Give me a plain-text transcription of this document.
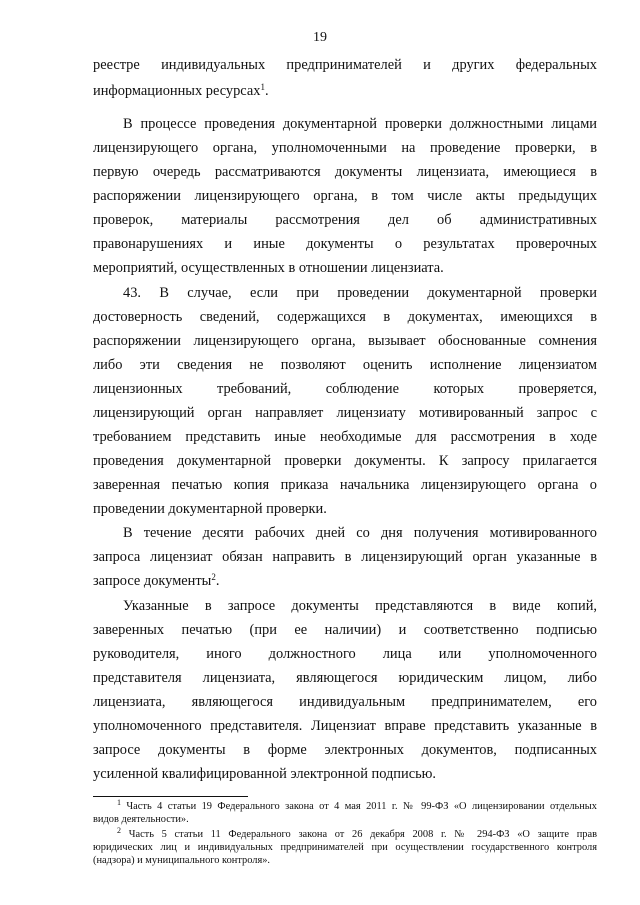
19
реестре индивидуальных предпринимателей и других федеральных
информационных ресурсах$^1$.
В процессе проведения документарной проверки должностными лицами
лицензирующего органа, уполномоченными на проведение проверки, в
первую очередь рассматриваются документы лицензиата, имеющиеся в
распоряжении лицензирующего органа, в том числе акты предыдущих
проверок, материалы рассмотрения дел об административных
правонарушениях и иные документы о результатах проверочных
мероприятий, осуществленных в отношении лицензиата.
43. В случае, если при проведении документарной проверки
достоверность сведений, содержащихся в документах, имеющихся в
распоряжении лицензирующего органа, вызывает обоснованные сомнения
либо эти сведения не позволяют оценить исполнение лицензиатом
лицензионных требований, соблюдение которых проверяется,
лицензирующий орган направляет лицензиату мотивированный запрос с
требованием представить иные необходимые для рассмотрения в ходе
проведения документарной проверки документы. К запросу прилагается
заверенная печатью копия приказа начальника лицензирующего органа о
проведении документарной проверки.
В течение десяти рабочих дней со дня получения мотивированного
запроса лицензиат обязан направить в лицензирующий орган указанные в
запросе документы$^2$.
Указанные в запросе документы представляются в виде копий,
заверенных печатью (при ее наличии) и соответственно подписью
руководителя, иного должностного лица или уполномоченного
представителя лицензиата, являющегося юридическим лицом, либо
лицензиата, являющегося индивидуальным предпринимателем, его
уполномоченного представителя. Лицензиат вправе представить указанные в
запросе документы в форме электронных документов, подписанных
усиленной квалифицированной электронной подписью.
$^1$ Часть 4 статьи 19 Федерального закона от 4 мая 2011 г. № 99-ФЗ «О лицензировании отдельных
видов деятельности».
$^2$ Часть 5 статьи 11 Федерального закона от 26 декабря 2008 г. № 294-ФЗ «О защите прав
юридических лиц и индивидуальных предпринимателей при осуществлении государственного контроля
(надзора) и муниципального контроля».
